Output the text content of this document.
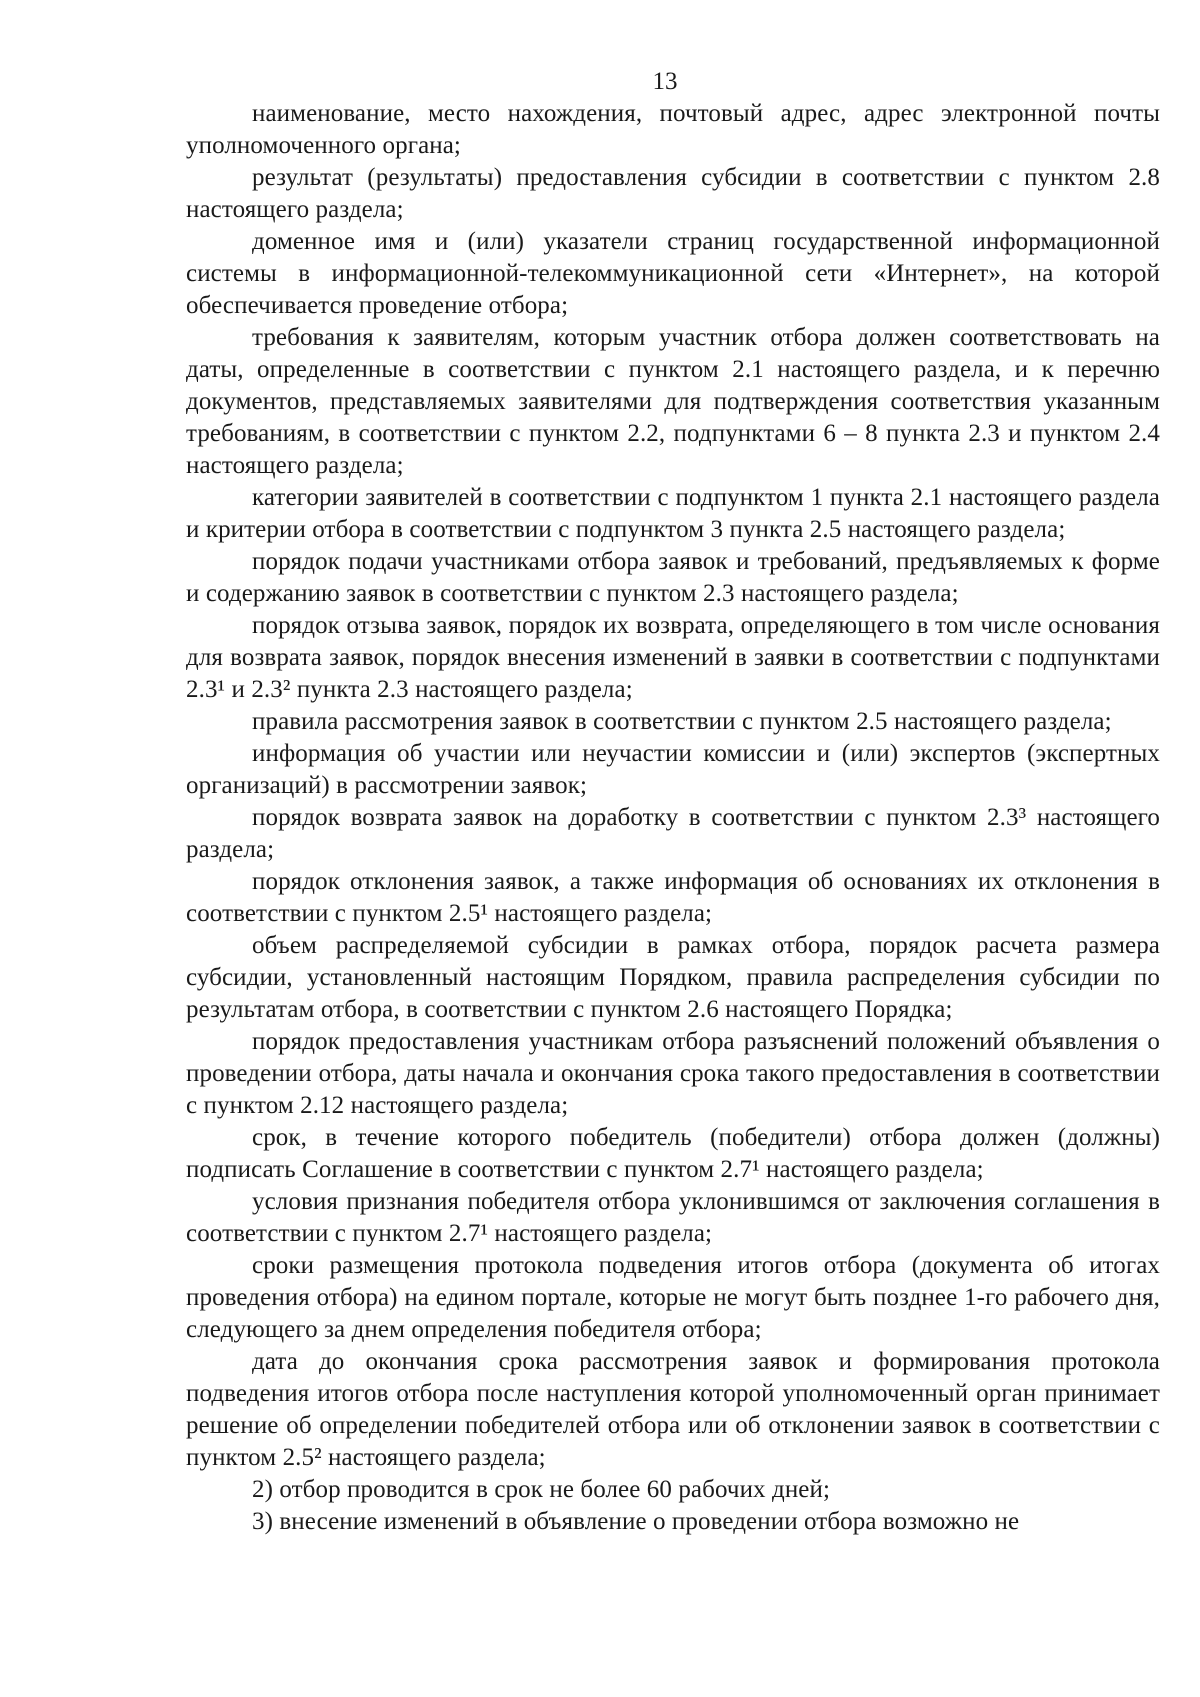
13

наименование, место нахождения, почтовый адрес, адрес электронной почты уполномоченного органа;

результат (результаты) предоставления субсидии в соответствии с пунктом 2.8 настоящего раздела;

доменное имя и (или) указатели страниц государственной информационной системы в информационной-телекоммуникационной сети «Интернет», на которой обеспечивается проведение отбора;

требования к заявителям, которым участник отбора должен соответствовать на даты, определенные в соответствии с пунктом 2.1 настоящего раздела, и к перечню документов, представляемых заявителями для подтверждения соответствия указанным требованиям, в соответствии с пунктом 2.2, подпунктами 6 – 8 пункта 2.3 и пунктом 2.4 настоящего раздела;

категории заявителей в соответствии с подпунктом 1 пункта 2.1 настоящего раздела и критерии отбора в соответствии с подпунктом 3 пункта 2.5 настоящего раздела;

порядок подачи участниками отбора заявок и требований, предъявляемых к форме и содержанию заявок в соответствии с пунктом 2.3 настоящего раздела;

порядок отзыва заявок, порядок их возврата, определяющего в том числе основания для возврата заявок, порядок внесения изменений в заявки в соответствии с подпунктами 2.3¹ и 2.3² пункта 2.3 настоящего раздела;

правила рассмотрения заявок в соответствии с пунктом 2.5 настоящего раздела;

информация об участии или неучастии комиссии и (или) экспертов (экспертных организаций) в рассмотрении заявок;

порядок возврата заявок на доработку в соответствии с пунктом 2.3³ настоящего раздела;

порядок отклонения заявок, а также информация об основаниях их отклонения в соответствии с пунктом 2.5¹ настоящего раздела;

объем распределяемой субсидии в рамках отбора, порядок расчета размера субсидии, установленный настоящим Порядком, правила распределения субсидии по результатам отбора, в соответствии с пунктом 2.6 настоящего Порядка;

порядок предоставления участникам отбора разъяснений положений объявления о проведении отбора, даты начала и окончания срока такого предоставления в соответствии с пунктом 2.12 настоящего раздела;

срок, в течение которого победитель (победители) отбора должен (должны) подписать Соглашение в соответствии с пунктом 2.7¹ настоящего раздела;

условия признания победителя отбора уклонившимся от заключения соглашения в соответствии с пунктом 2.7¹ настоящего раздела;

сроки размещения протокола подведения итогов отбора (документа об итогах проведения отбора) на едином портале, которые не могут быть позднее 1-го рабочего дня, следующего за днем определения победителя отбора;

дата до окончания срока рассмотрения заявок и формирования протокола подведения итогов отбора после наступления которой уполномоченный орган принимает решение об определении победителей отбора или об отклонении заявок в соответствии с пунктом 2.5² настоящего раздела;

2) отбор проводится в срок не более 60 рабочих дней;

3) внесение изменений в объявление о проведении отбора возможно не
